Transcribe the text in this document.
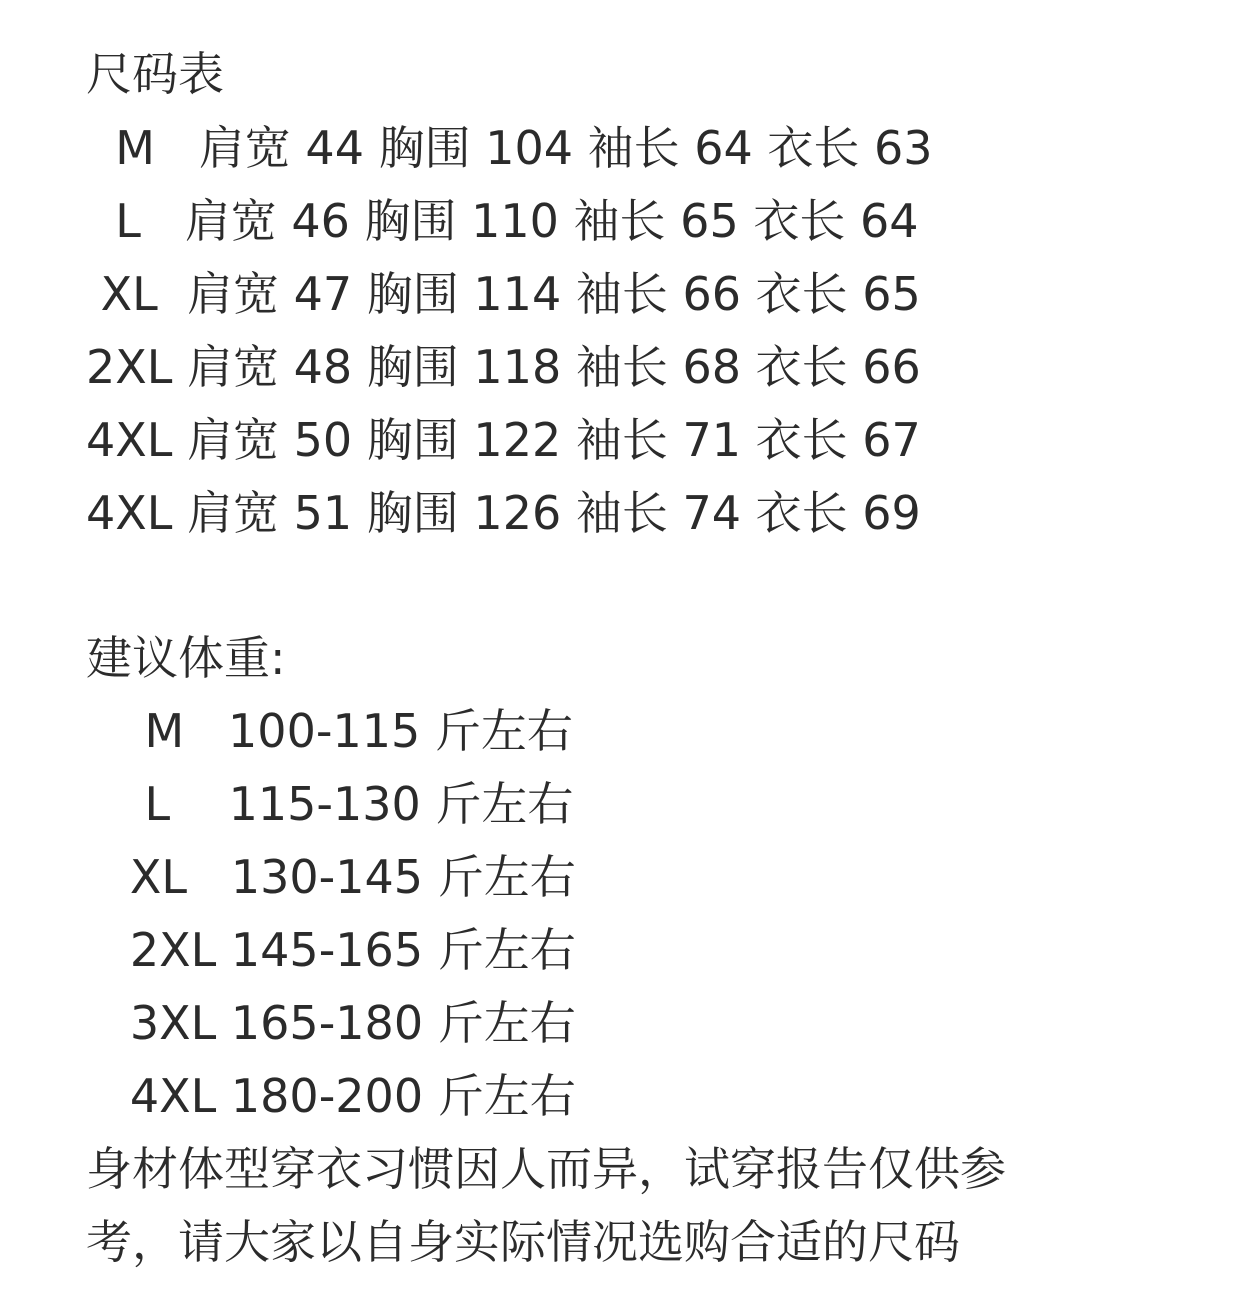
尺码表
M   肩宽 44 胸围 104 袖长 64 衣长 63
L   肩宽 46 胸围 110 袖长 65 衣长 64
XL  肩宽 47 胸围 114 袖长 66 衣长 65
2XL 肩宽 48 胸围 118 袖长 68 衣长 66
4XL 肩宽 50 胸围 122 袖长 71 衣长 67
4XL 肩宽 51 胸围 126 袖长 74 衣长 69
建议体重:
M   100-115 斤左右
L    115-130 斤左右
XL   130-145 斤左右
2XL 145-165 斤左右
3XL 165-180 斤左右
4XL 180-200 斤左右
身材体型穿衣习惯因人而异，试穿报告仅供参
考，请大家以自身实际情况选购合适的尺码
